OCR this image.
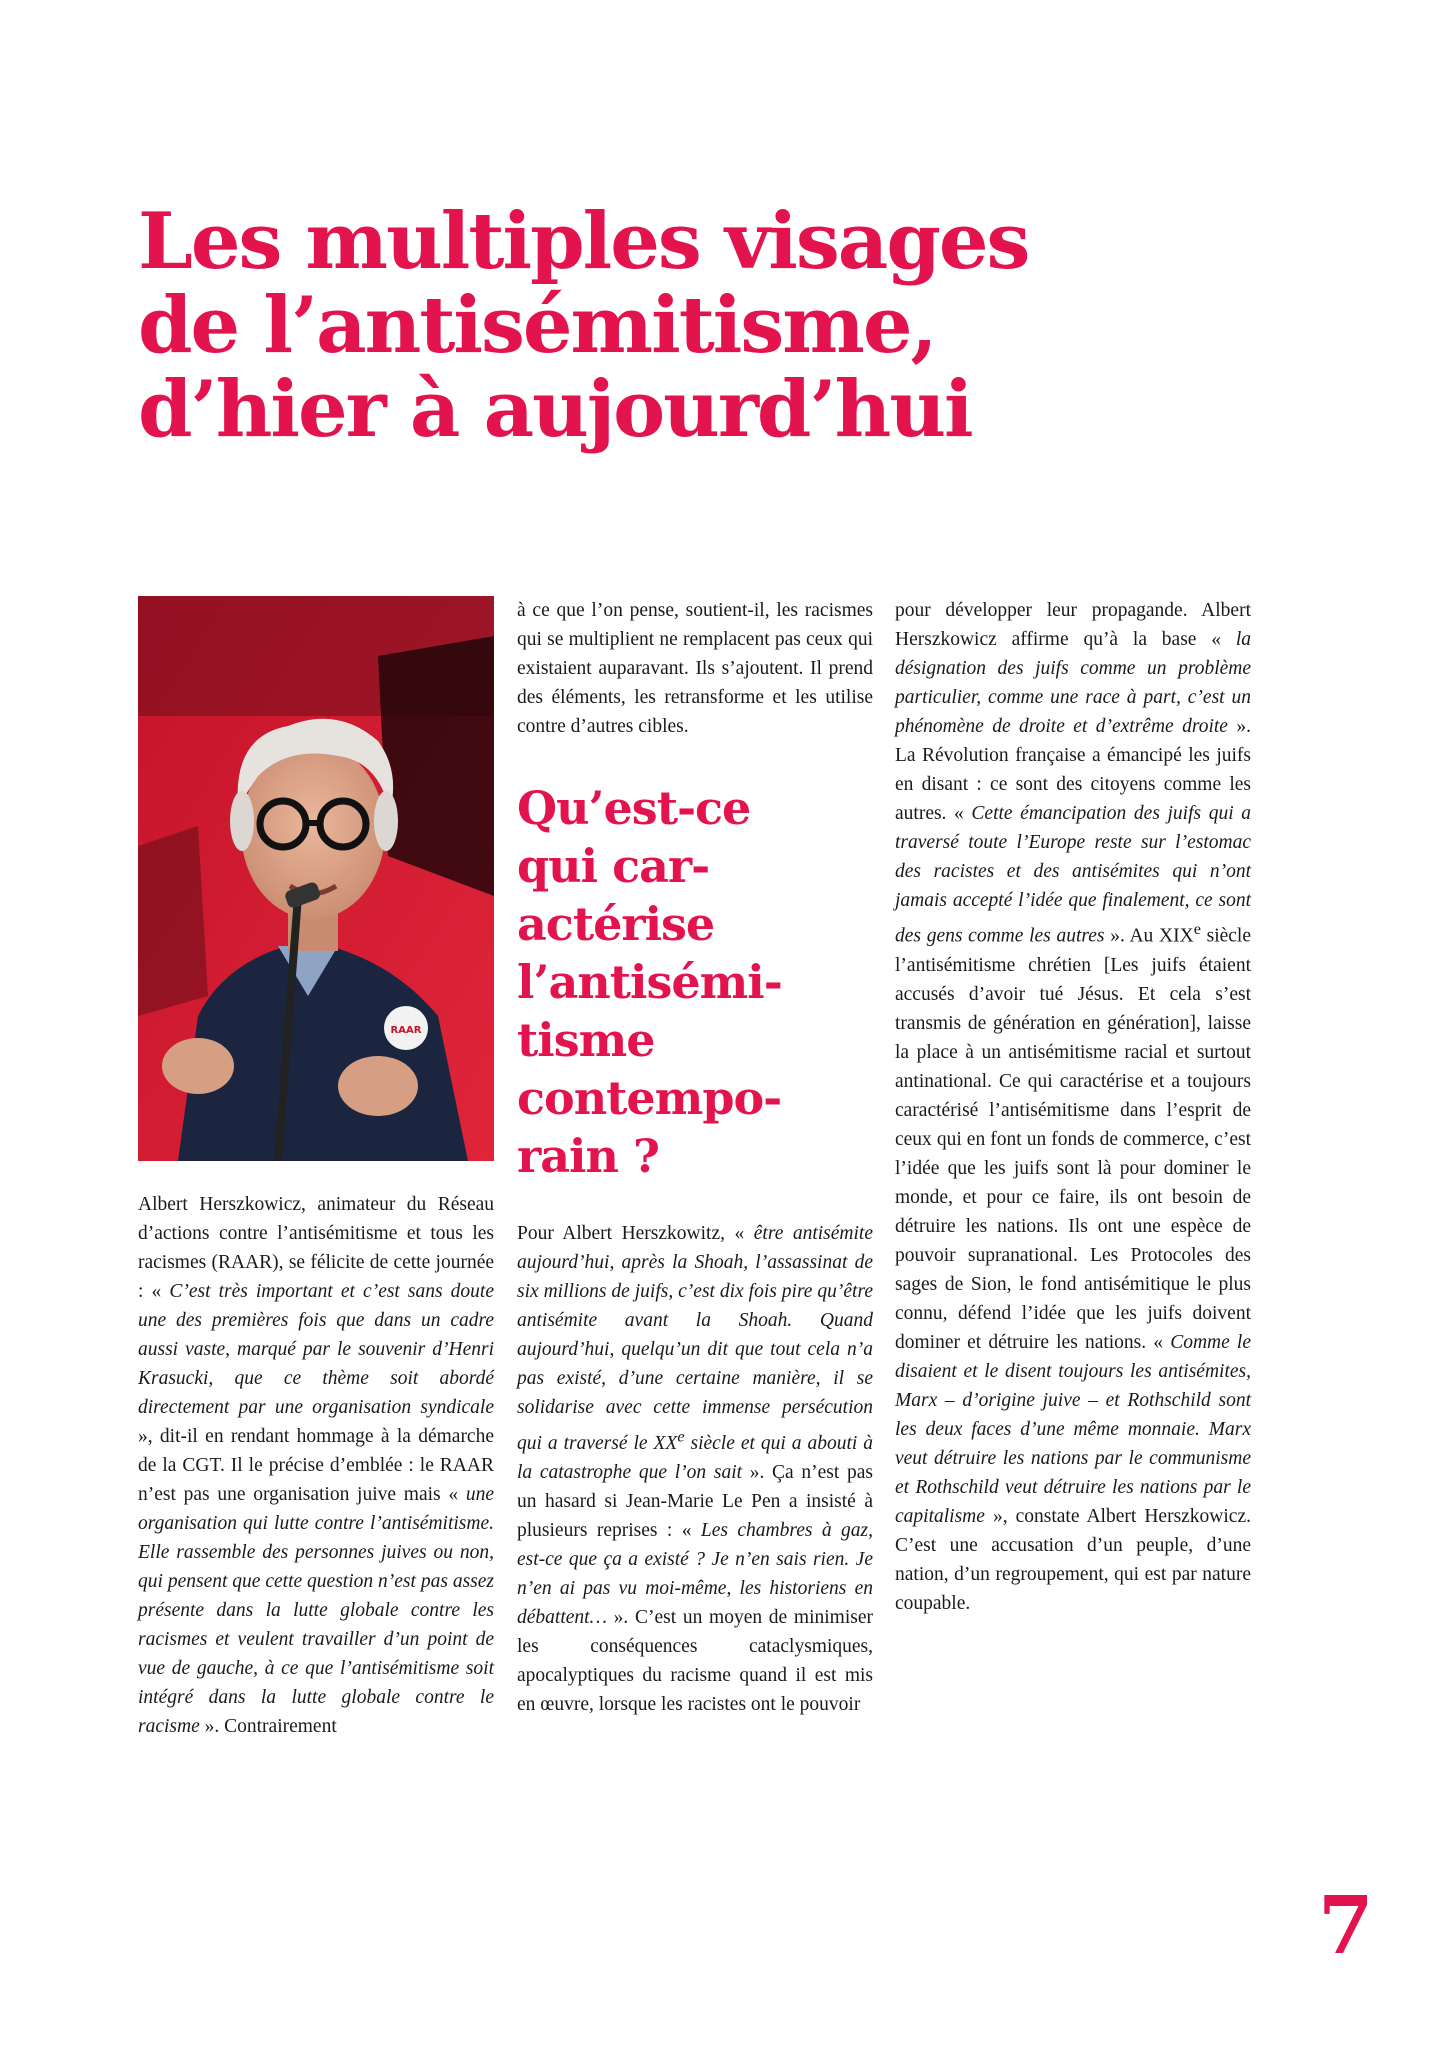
Les multiples visages
de l’antisémitisme,
d’hier à aujourd’hui
RAAR

Albert Herszkowicz, animateur du Réseau d’actions contre l’antisémitisme et tous les racismes (RAAR), se félicite de cette journée : « C’est très important et c’est sans doute une des premières fois que dans un cadre aussi vaste, marqué par le souvenir d’Henri Krasucki, que ce thème soit abordé directement par une organisation syndicale », dit-il en rendant hommage à la démarche de la CGT. Il le précise d’emblée : le RAAR n’est pas une organisation juive mais « une organisation qui lutte contre l’antisémitisme. Elle rassemble des personnes juives ou non, qui pensent que cette question n’est pas assez présente dans la lutte globale contre les racismes et veulent travailler d’un point de vue de gauche, à ce que l’antisémitisme soit intégré dans la lutte globale contre le racisme ». Contrairement

à ce que l’on pense, soutient-il, les racismes qui se multiplient ne remplacent pas ceux qui existaient auparavant. Ils s’ajoutent. Il prend des éléments, les retransforme et les utilise contre d’autres cibles.

Qu’est-ce
qui car-
actérise
l’antisémi-
tisme
contempo-
rain ?

Pour Albert Herszkowitz, « être antisémite aujourd’hui, après la Shoah, l’assassinat de six millions de juifs, c’est dix fois pire qu’être antisémite avant la Shoah. Quand aujourd’hui, quelqu’un dit que tout cela n’a pas existé, d’une certaine manière, il se solidarise avec cette immense persécution qui a traversé le XXe siècle et qui a abouti à la catastrophe que l’on sait ». Ça n’est pas un hasard si Jean-Marie Le Pen a insisté à plusieurs reprises : « Les chambres à gaz, est-ce que ça a existé ? Je n’en sais rien. Je n’en ai pas vu moi-même, les historiens en débattent… ». C’est un moyen de minimiser les conséquences cataclysmiques, apocalyptiques du racisme quand il est mis en œuvre, lorsque les racistes ont le pouvoir

pour développer leur propagande. Albert Herszkowicz affirme qu’à la base « la désignation des juifs comme un problème particulier, comme une race à part, c’est un phénomène de droite et d’extrême droite ». La Révolution française a émancipé les juifs en disant : ce sont des citoyens comme les autres. « Cette émancipation des juifs qui a traversé toute l’Europe reste sur l’estomac des racistes et des antisémites qui n’ont jamais accepté l’idée que finalement, ce sont des gens comme les autres ». Au XIXe siècle l’antisémitisme chrétien [Les juifs étaient accusés d’avoir tué Jésus. Et cela s’est transmis de génération en génération], laisse la place à un antisémitisme racial et surtout antinational. Ce qui caractérise et a toujours caractérisé l’antisémitisme dans l’esprit de ceux qui en font un fonds de commerce, c’est l’idée que les juifs sont là pour dominer le monde, et pour ce faire, ils ont besoin de détruire les nations. Ils ont une espèce de pouvoir supranational. Les Protocoles des sages de Sion, le fond antisémitique le plus connu, défend l’idée que les juifs doivent dominer et détruire les nations. « Comme le disaient et le disent toujours les antisémites, Marx – d’origine juive – et Rothschild sont les deux faces d’une même monnaie. Marx veut détruire les nations par le communisme et Rothschild veut détruire les nations par le capitalisme », constate Albert Herszkowicz. C’est une accusation d’un peuple, d’une nation, d’un regroupement, qui est par nature coupable.

7
